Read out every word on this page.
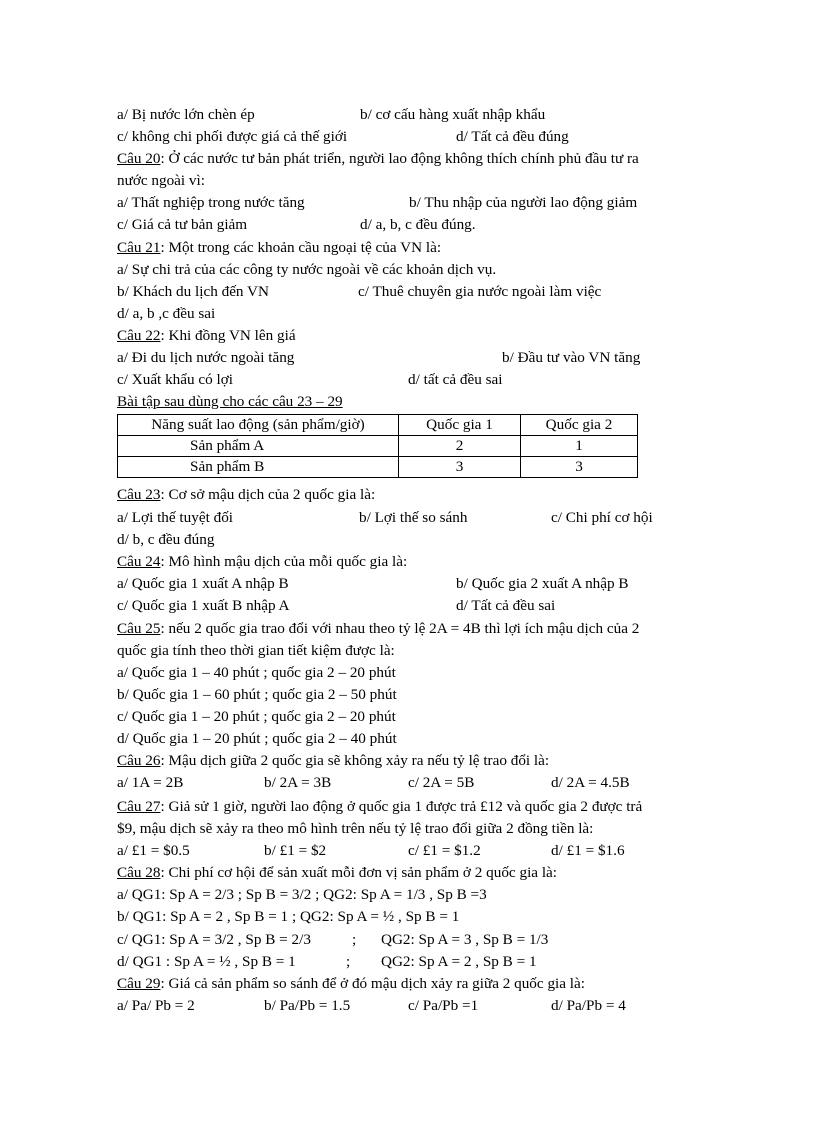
a/ Bị nước lớn chèn ép	b/ cơ cấu hàng xuất nhập khẩu
c/ không chi phối được giá cả thế giới	d/ Tất cả đều đúng
Câu 20: Ở các nước tư bản phát triển, người lao động không thích chính phủ đầu tư ra
nước ngoài vì:
a/ Thất nghiệp trong nước tăng	b/ Thu nhập của người lao động giảm
c/ Giá cả tư bản giảm	d/ a, b, c đều đúng.
Câu 21: Một trong các khoản cầu ngoại tệ của VN là:
a/ Sự chi trả của các công ty nước ngoài về các khoản dịch vụ.
b/ Khách du lịch đến VN	c/ Thuê chuyên gia nước ngoài làm việc
d/ a, b ,c đều sai
Câu 22: Khi đồng VN lên giá
a/ Đi du lịch nước ngoài tăng	b/ Đầu tư vào VN tăng
c/ Xuất khẩu có lợi	d/ tất cả đều sai
Bài tập sau dùng cho các câu 23 – 29
Năng suất lao động (sản phẩm/giờ)	Quốc gia 1	Quốc gia 2
Sản phẩm A	2	1
Sản phẩm B	3	3
Câu 23: Cơ sở mậu dịch của 2 quốc gia là:
a/ Lợi thế tuyệt đối	b/ Lợi thế so sánh	c/ Chi phí cơ hội
d/ b, c đều đúng
Câu 24: Mô hình mậu dịch của mỗi quốc gia là:
a/ Quốc gia 1 xuất A nhập B	b/ Quốc gia 2 xuất A nhập B
c/ Quốc gia 1 xuất B nhập A	d/ Tất cả đều sai
Câu 25: nếu 2 quốc gia trao đổi với nhau theo tỷ lệ 2A = 4B thì lợi ích mậu dịch của 2
quốc gia tính theo thời gian tiết kiệm được là:
a/ Quốc gia 1 – 40 phút ; quốc gia 2 – 20 phút
b/ Quốc gia 1 – 60 phút ; quốc gia 2 – 50 phút
c/ Quốc gia 1 – 20 phút ; quốc gia 2 – 20 phút
d/ Quốc gia 1 – 20 phút ; quốc gia 2 – 40 phút
Câu 26: Mậu dịch giữa 2 quốc gia sẽ không xảy ra nếu tỷ lệ trao đổi là:
a/ 1A = 2B	b/ 2A = 3B	c/ 2A = 5B	d/ 2A = 4.5B
Câu 27: Giả sử 1 giờ, người lao động ở quốc gia 1 được trả £12 và quốc gia 2 được trả
$9, mậu dịch sẽ xảy ra theo mô hình trên nếu tỷ lệ trao đổi giữa 2 đồng tiền là:
a/ £1 = $0.5	b/ £1 = $2	c/ £1 = $1.2	d/ £1 = $1.6
Câu 28: Chi phí cơ hội để sản xuất mỗi đơn vị sản phẩm ở 2 quốc gia là:
a/ QG1: Sp A = 2/3 ; Sp B = 3/2 ; QG2: Sp A = 1/3 , Sp B =3
b/ QG1: Sp A = 2 , Sp B = 1 ; QG2: Sp A = ½ , Sp B = 1
c/ QG1: Sp A = 3/2 , Sp B = 2/3	; QG2: Sp A = 3 , Sp B = 1/3
d/ QG1 : Sp A = ½ , Sp B = 1	; QG2: Sp A = 2 , Sp B = 1
Câu 29: Giá cả sản phẩm so sánh để ở đó mậu dịch xảy ra giữa 2 quốc gia là:
a/ Pa/ Pb = 2	b/ Pa/Pb = 1.5	c/ Pa/Pb =1	d/ Pa/Pb = 4
